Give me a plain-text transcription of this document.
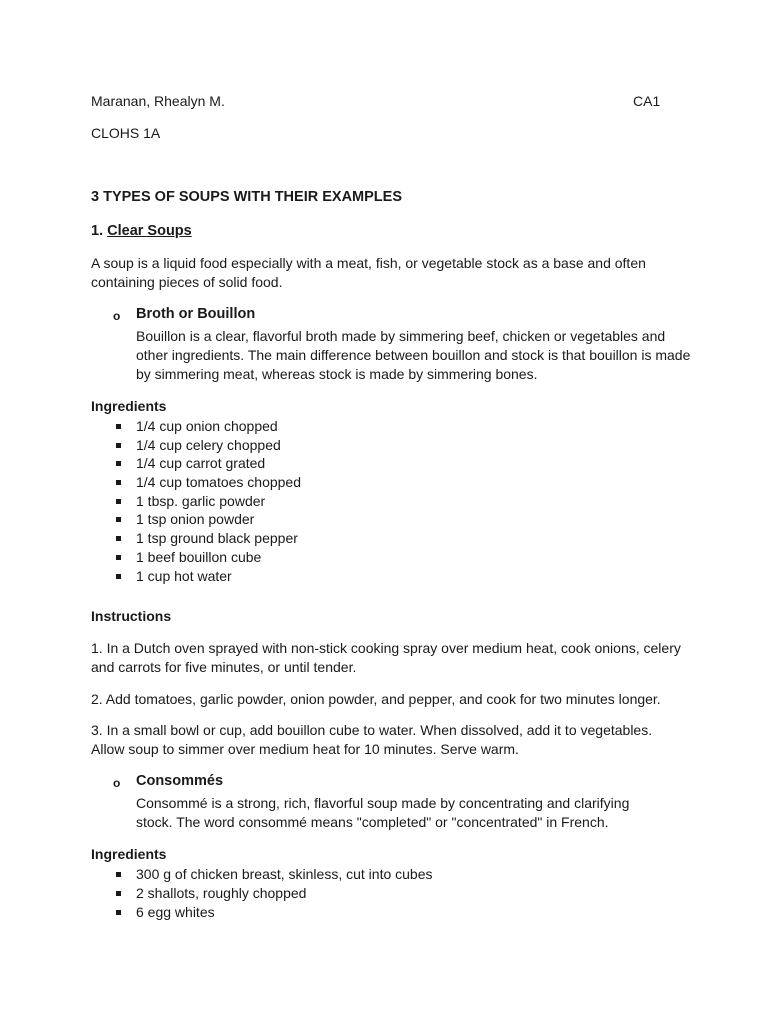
Maranan, Rhealyn M.	CA1
CLOHS 1A
3 TYPES OF SOUPS WITH THEIR EXAMPLES
1. Clear Soups
A soup is a liquid food especially with a meat, fish, or vegetable stock as a base and often
containing pieces of solid food.
o Broth or Bouillon
Bouillon is a clear, flavorful broth made by simmering beef, chicken or vegetables and
other ingredients. The main difference between bouillon and stock is that bouillon is made
by simmering meat, whereas stock is made by simmering bones.
Ingredients
1/4 cup onion chopped
1/4 cup celery chopped
1/4 cup carrot grated
1/4 cup tomatoes chopped
1 tbsp. garlic powder
1 tsp onion powder
1 tsp ground black pepper
1 beef bouillon cube
1 cup hot water
Instructions
1. In a Dutch oven sprayed with non-stick cooking spray over medium heat, cook onions, celery
and carrots for five minutes, or until tender.
2. Add tomatoes, garlic powder, onion powder, and pepper, and cook for two minutes longer.
3. In a small bowl or cup, add bouillon cube to water. When dissolved, add it to vegetables.
Allow soup to simmer over medium heat for 10 minutes. Serve warm.
o Consommés
Consommé is a strong, rich, flavorful soup made by concentrating and clarifying
stock. The word consommé means "completed" or "concentrated" in French.
Ingredients
300 g of chicken breast, skinless, cut into cubes
2 shallots, roughly chopped
6 egg whites
